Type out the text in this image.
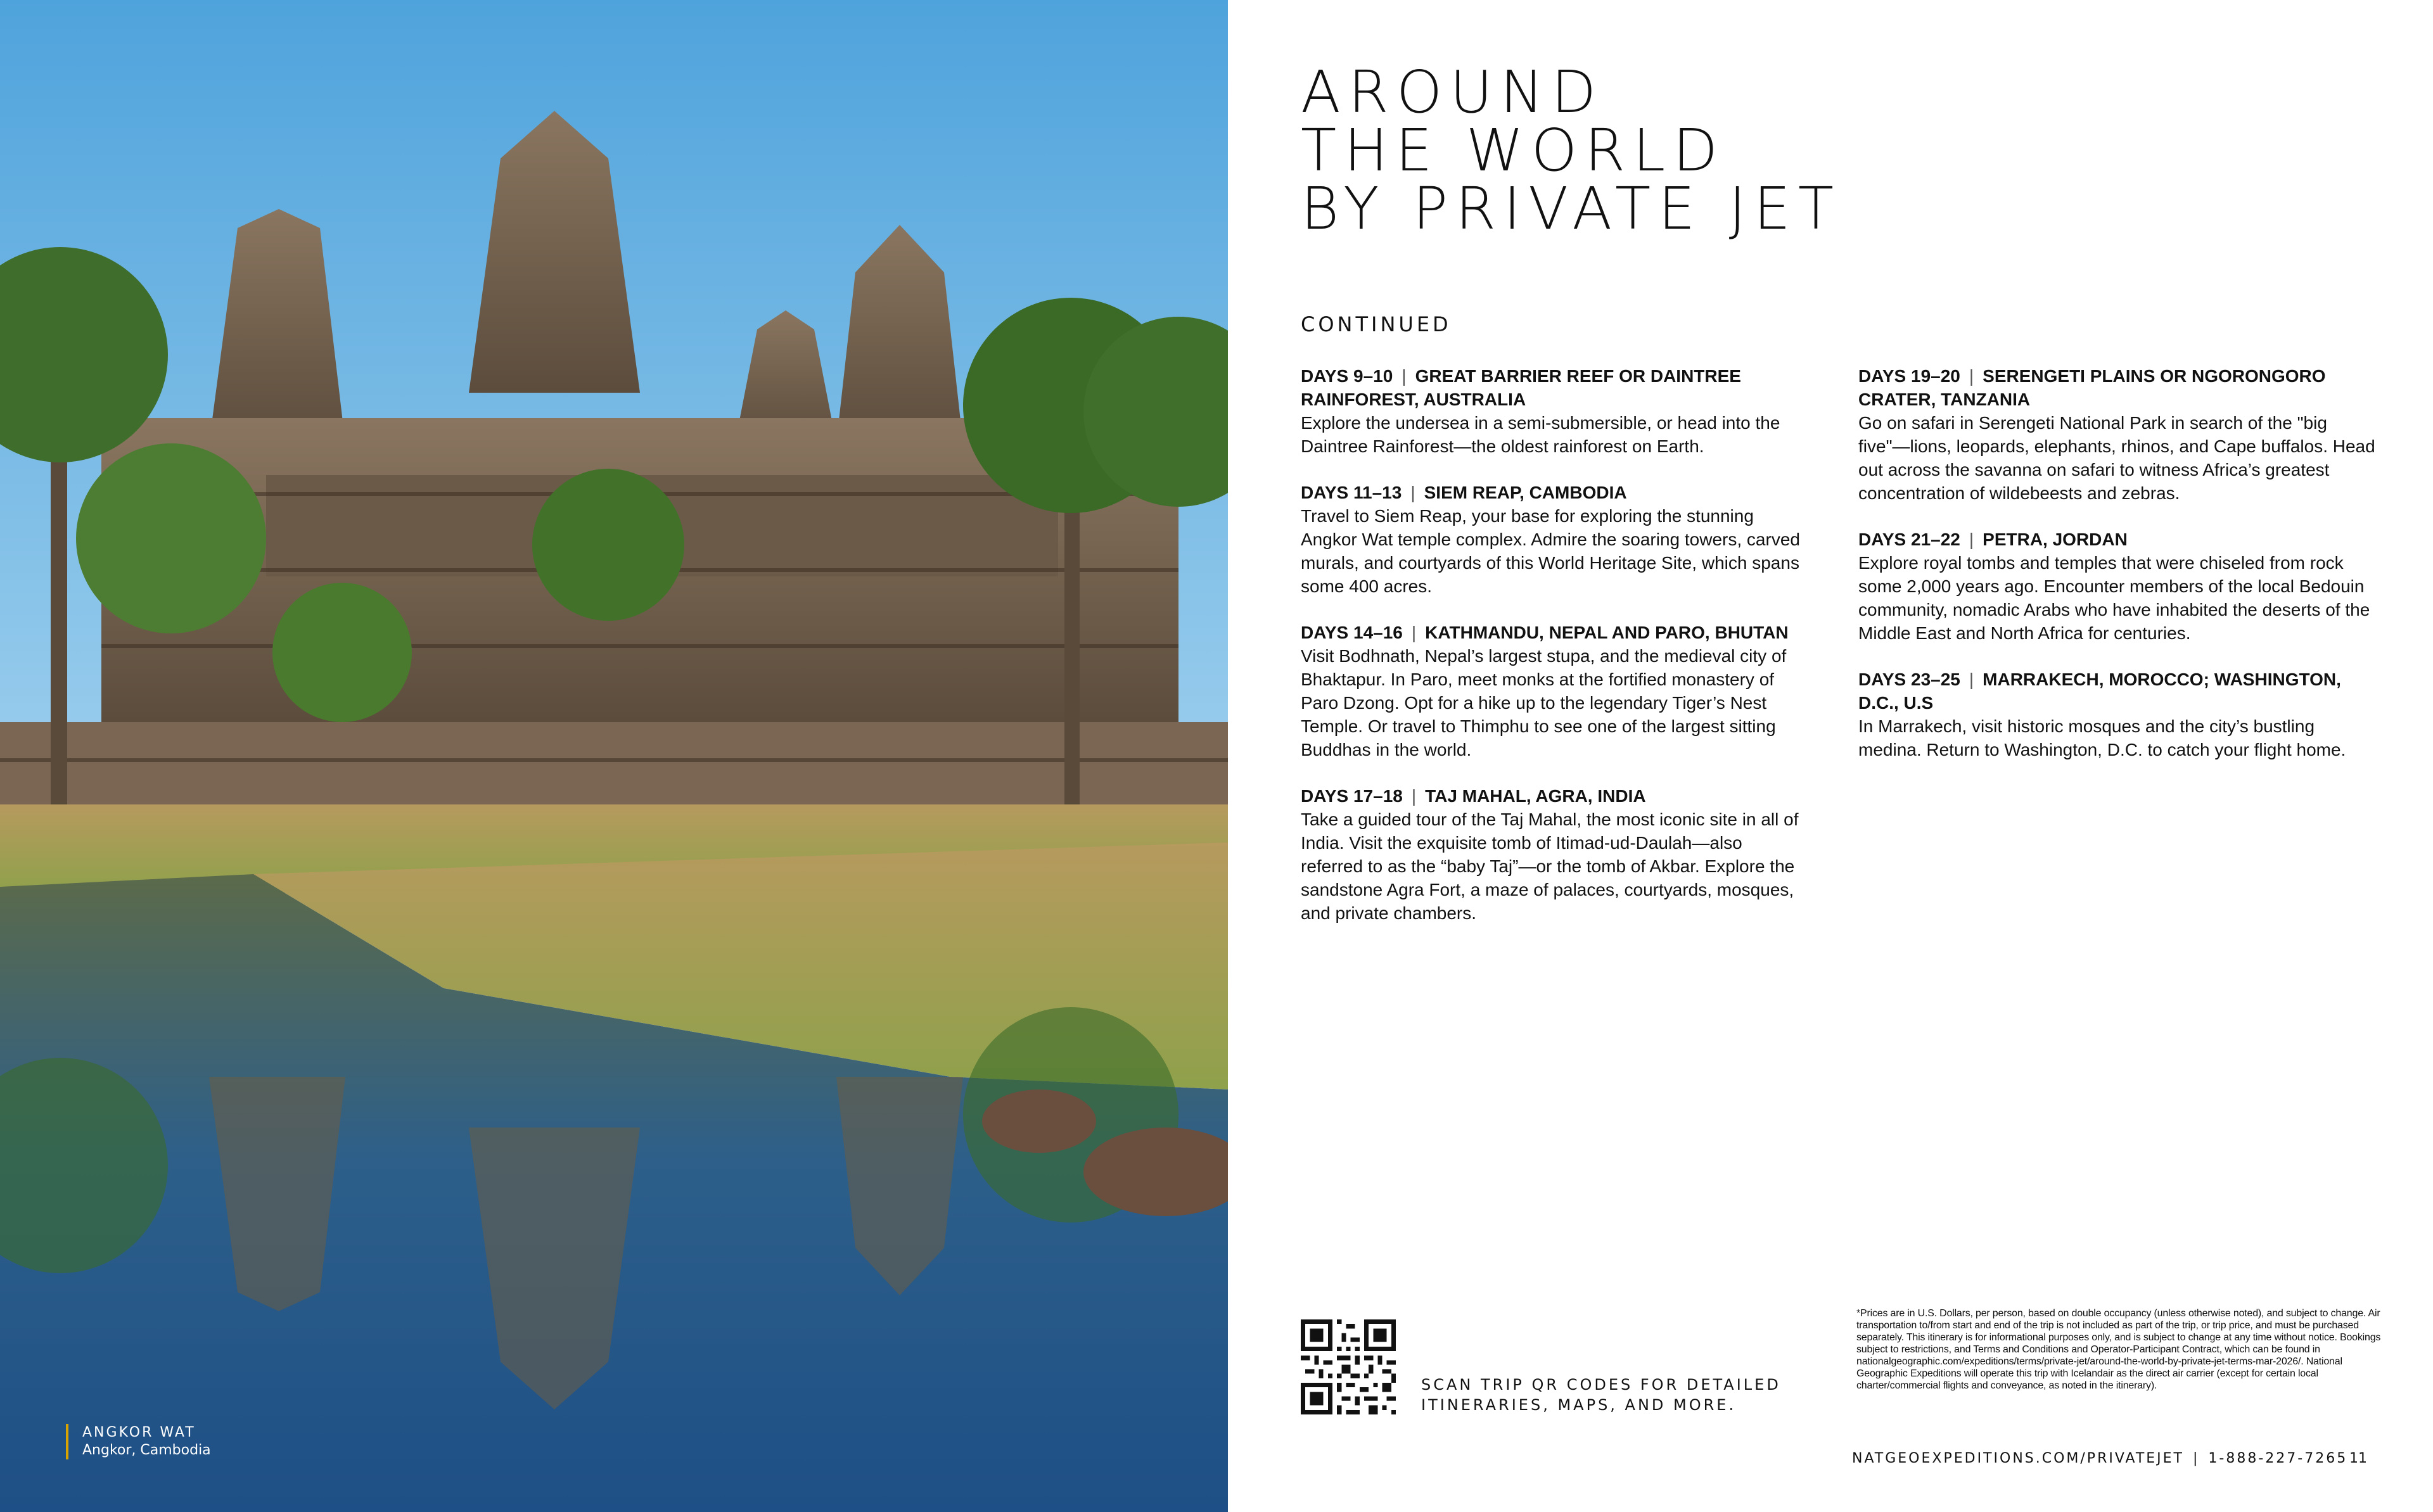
ANGKOR WAT
Angkor, Cambodia
AROUND
THE WORLD
BY PRIVATE JET
CONTINUED
DAYS 9–10 | GREAT BARRIER REEF OR DAINTREE RAINFOREST, AUSTRALIA

Explore the undersea in a semi-submersible, or head into the Daintree Rainforest—the oldest rainforest on Earth.

DAYS 11–13 | SIEM REAP, CAMBODIA

Travel to Siem Reap, your base for exploring the stunning Angkor Wat temple complex. Admire the soaring towers, carved murals, and courtyards of this World Heritage Site, which spans some 400 acres.

DAYS 14–16 | KATHMANDU, NEPAL AND PARO, BHUTAN

Visit Bodhnath, Nepal’s largest stupa, and the medieval city of Bhaktapur. In Paro, meet monks at the fortified monastery of Paro Dzong. Opt for a hike up to the legendary Tiger’s Nest Temple. Or travel to Thimphu to see one of the largest sitting Buddhas in the world.

DAYS 17–18 | TAJ MAHAL, AGRA, INDIA

Take a guided tour of the Taj Mahal, the most iconic site in all of India. Visit the exquisite tomb of Itimad-ud-Daulah—also referred to as the “baby Taj”—or the tomb of Akbar. Explore the sandstone Agra Fort, a maze of palaces, courtyards, mosques, and private chambers.

DAYS 19–20 | SERENGETI PLAINS OR NGORONGORO CRATER, TANZANIA

Go on safari in Serengeti National Park in search of the "big five"—lions, leopards, elephants, rhinos, and Cape buffalos. Head out across the savanna on safari to witness Africa’s greatest concentration of wildebeests and zebras.

DAYS 21–22 | PETRA, JORDAN

Explore royal tombs and temples that were chiseled from rock some 2,000 years ago. Encounter members of the local Bedouin community, nomadic Arabs who have inhabited the deserts of the Middle East and North Africa for centuries.

DAYS 23–25 | MARRAKECH, MOROCCO; WASHINGTON, D.C., U.S

In Marrakech, visit historic mosques and the city’s bustling medina. Return to Washington, D.C. to catch your flight home.

SCAN TRIP QR CODES FOR DETAILED
ITINERARIES, MAPS, AND MORE.
*Prices are in U.S. Dollars, per person, based on double occupancy (unless otherwise noted), and subject to change. Air transportation to/from start and end of the trip is not included as part of the trip, or trip price, and must be purchased separately. This itinerary is for informational purposes only, and is subject to change at any time without notice. Bookings subject to restrictions, and Terms and Conditions and Operator-Participant Contract, which can be found in nationalgeographic.com/expeditions/terms/private-jet/around-the-world-by-private-jet-terms-mar-2026/. National Geographic Expeditions will operate this trip with Icelandair as the direct air carrier (except for certain local charter/commercial flights and conveyance, as noted in the itinerary).
NATGEOEXPEDITIONS.COM/PRIVATEJET | 1-888-227-7265 11
